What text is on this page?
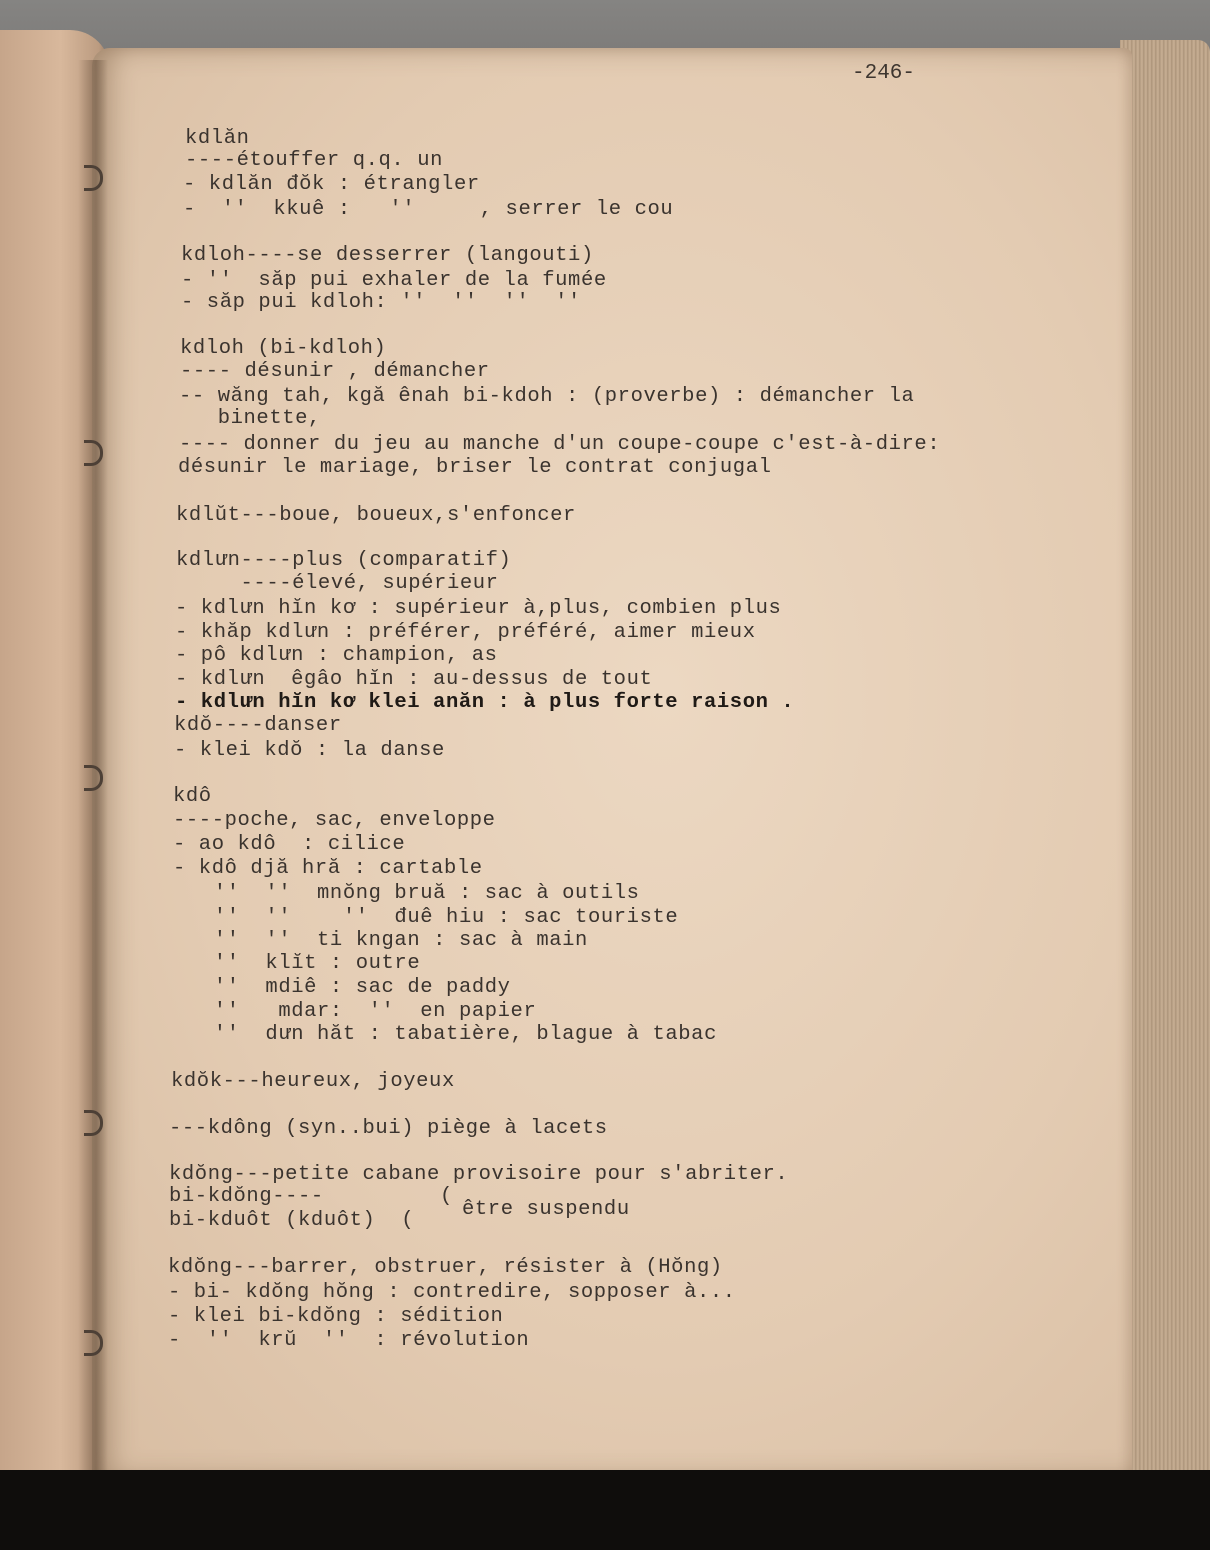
-246-
kdlăn
----étouffer q.q. un
- kdlăn đŏk : étrangler
-  ''  kkuê :   ''     , serrer le cou
kdloh----se desserrer (langouti)
- ''  săp pui exhaler de la fumée
- săp pui kdloh: ''  ''  ''  ''
kdloh (bi-kdloh)
---- désunir , démancher
-- wăng tah, kgă ênah bi-kdoh : (proverbe) : démancher la
binette,
---- donner du jeu au manche d'un coupe-coupe c'est-à-dire:
désunir le mariage, briser le contrat conjugal
kdlŭt---boue, boueux,s'enfoncer
kdlưn----plus (comparatif)
----élevé, supérieur
- kdlưn hĭn kơ : supérieur à,plus, combien plus
- khăp kdlưn : préférer, préféré, aimer mieux
- pô kdlưn : champion, as
- kdlưn  êgâo hĭn : au-dessus de tout
- kdlưn hĭn kơ klei anăn : à plus forte raison .
kdŏ----danser
- klei kdŏ : la danse
kdô
----poche, sac, enveloppe
- ao kdô  : cilice
- kdô djă hră : cartable
''  ''  mnŏng bruă : sac à outils
''  ''    ''  đuê hiu : sac touriste
''  ''  ti kngan : sac à main
''  klĭt : outre
''  mdiê : sac de paddy
''   mdar:  ''  en papier
''  dưn hăt : tabatière, blague à tabac
kdŏk---heureux, joyeux
---kdông (syn..bui) piège à lacets
kdŏng---petite cabane provisoire pour s'abriter.
bi-kdŏng----         (
bi-kduôt (kduôt)  ( être suspendu
kdŏng---barrer, obstruer, résister à (Hŏng)
- bi- kdŏng hŏng : contredire, sopposer à...
- klei bi-kdŏng : sédition
-  ''  krŭ  ''  : révolution
